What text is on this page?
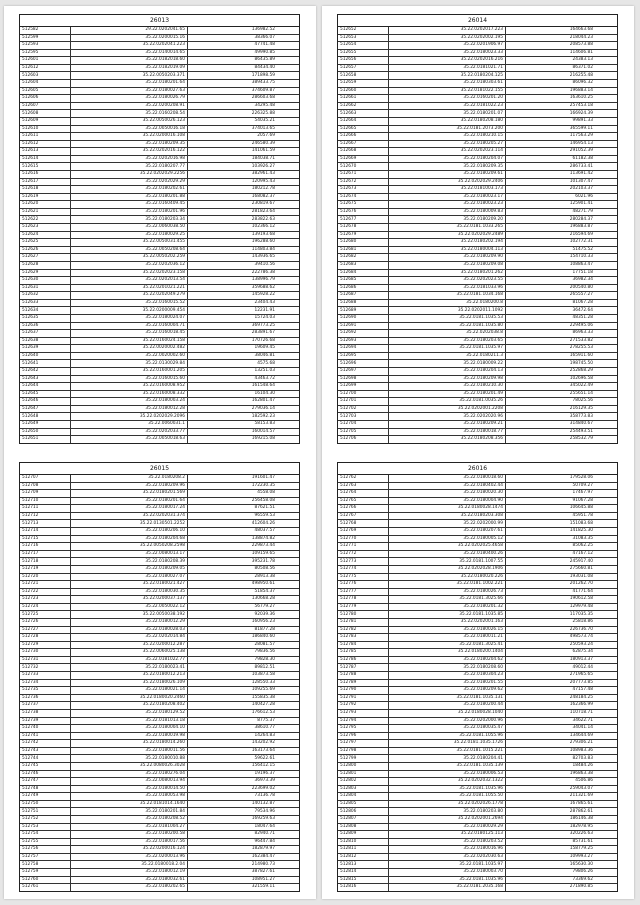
26013
512582	29.22.0202041.65	136982.52
512599	35.22.0200015.16	38366.07
512593	35.22.0202041.223	47741.48
512595	35.22.0140014.65	49990.85
512601	35.22.0182018.60	86435.89
512612	35.22.0182019.09	84434.40
512603	35.22.0050203.371	171898.59
512604	35.22.0180201.64	389433.75
512605	35.22.0180027.63	374609.87
512606	35.22.0180026.79	286603.68
512607	35.22.0200208.91	34295.48
512608	35.22.0160208.54	226325.88
512609	35.22.0050026.123	54035.21
512610	35.22.0050016.18	374013.65
512611	35.22.0200016.108	2057.69
512612	35.22.0180209.35	246580.39
512613	35.22.0202016.122	141061.59
512614	35.22.0202016.98	184038.71
512615	35.22.0180207.77	103926.27
512616	35.22.0202029.2256	382961.43
512617	35.22.0202029.29	120995.43
512618	35.22.0180202.61	180212.78
512619	35.22.0180201.88	168082.37
512620	35.22.0160409.45	230819.67
512621	35.22.0180201.96	281823.64
512622	35.22.0180203.34	283822.63
512623	35.22.0060038.50	102366.12
512624	35.22.0180029.25	139193.68
512625	35.22.0050031.455	196288.60
512626	35.22.0050208.64	114803.84
512627	35.22.0050202.259	143936.65
512628	35.22.0202036.12	39410.56
512629	35.22.0202023.158	222786.38
512630	35.22.0202013.54	138996.79
512631	35.22.0201021.221	359688.62
512632	35.22.0202049.279	145928.22
512633	35.22.0160015.52	23404.43
512634	35.22.0200009.454	12231.91
512635	35.22.0180024.07	15724.03
512636	35.22.0160004.71	369773.25
512637	35.22.0160018.45	283891.67
512638	35.22.0160024.158	170726.68
512639	35.22.0020002.482	19609.45
512640	35.22.0020002.60	38046.81
512641	35.22.0130029.84	4575.68
512642	35.22.0160001.205	13251.03
512643	35.22.0160015.60	43463.72
512644	35.22.0160008.952	161548.64
512645	35.22.0160008.332	16104.30
512646	35.22.0180003.24	162801.47
512647	35.22.0180012.28	279036.14
512648	35.22.0202029.2096	182592.23
512649	35.22.0060031.1	58153.83
512650	35.22.0202033.77	160014.57
512651	35.22.0050018.63	169215.08
26015
512707	35.22.0180208.2	191601.47
512708	35.22.0180209.96	172230.35
512709	35.22.0180201.569	4558.08
512710	35.22.0180201.64	256458.08
512711	35.22.0180017.24	87621.51
512712	35.22.0202031.374	96559.53
512713	35.22.0130501.2252	412604.26
512714	35.22.0180206.10	48037.57
512715	35.22.0180204.68	138874.82
512716	35.22.0050208.2598	229873.44
512717	35.22.0080013.17	109159.65
512718	35.22.0180208.39	395231.78
512719	35.22.0180209.05	80508.56
512720	35.22.0180027.07	28913.38
512721	35.22.0180021.427	498950.61
512722	35.22.0180030.35	51854.37
512723	35.22.0200037.137	130668.28
512724	35.22.0050022.12	56779.27
512725	35.22.0050038.192	92039.36
512726	35.22.0180012.29	160956.23
512727	35.22.0180028.03	81877.28
512728	35.22.0202014.84	186840.60
512729	35.22.0200012.287	28081.57
512730	35.22.0060025.138	79836.56
512731	35.22.0181022.77	79828.30
512732	35.22.0180023.41	89812.51
512733	35.22.0180012.213	103873.58
512734	35.22.0180026.109	128550.33
512735	35.22.0180021.14	109255.69
512736	35.22.0180020.2460	155835.38
512737	35.22.0180208.402	140427.28
512738	35.22.0180129.52	176612.53
512739	35.22.0181013.18	8775.37
512740	35.22.0180004.10	38610.77
512741	35.22.0180019.98	14264.83
512742	35.22.0180014.260	143202.92
512743	35.22.0180011.56	163173.64
512744	35.22.0180010.88	59622.61
512745	35.22.0080026.3028	156412.15
512746	35.22.0180276.04	19196.37
512747	35.22.0080013.94	36973.39
512748	35.22.0180014.50	223699.02
512749	35.22.0180053.98	73136.78
512750	35.22.0181014.1640	140132.87
512751	35.22.0180201.84	79534.96
512752	35.22.0180208.52	169259.63
512753	35.22.0181004.27	18047.64
512754	35.22.0180200.58	82940.71
512755	35.22.0180017.56	96447.84
512756	35.22.0200016.124	182879.97
512757	35.22.0200013.96	162384.47
512758	35.22.0180018.2.04	214980.73
512759	35.22.0180012.19	387827.61
512760	35.22.0180032.61	108951.27
512761	35.22.0180202.65	321559.11
26014
512652	35.22.0202017.223	164663.68
512653	35.22.0202002.195	218044.23
512654	35.22.0201906.97	208573.88
512655	35.22.0180023.33	114606.81
512656	35.22.0202016.216	24383.13
512657	35.22.0181021.71	86371.02
512658	35.22.0180204.125	216255.48
512659	35.22.0180303.61	86096.32
512660	35.22.0181022.155	196883.14
512661	35.22.0160201.20	163610.25
512662	35.22.0181022.23	257453.18
512663	35.22.0180201.07	166924.39
512664	35.22.0180208.180	99891.33
512665	35.22.0181.2073.200	365599.11
512666	35.22.0180210.15	117563.29
512667	35.22.0180205.27	146954.13
512668	35.22.0202023.114	291052.39
512669	35.22.0180204.07	61182.38
512670	35.22.0180209.35	286733.41
512671	35.22.0180209.61	113691.42
512672	35.22.0202029.2406	101307.47
512673	35.22.0181003.173	202103.37
512674	35.22.0180023.17	6021.96
512675	35.22.0180023.23	125901.41
512676	35.22.0180009.83	48271.79
512677	35.22.0180209.20	280284.37
512678	35.22.0181.1033.265	196883.87
512679	35.22.0202029.2489	216594.69
512680	35.22.0180202.194	102772.31
512681	35.22.0180004.113	51475.52
512682	35.22.0180209.90	154710.33
512683	35.22.0180209.08	108863.47
512684	35.22.0180201.262	17751.18
512685	35.22.0202023.55	36982.34
512686	35.22.0181033.96	200540.80
512687	35.22.0181.1034.168	265557.27
512688	35.22.0180200.8	81067.28
512689	35.22.0202011.1092	36472.64
512690	35.22.0181.1035.53	48351.28
512691	35.22.0181.1035.80	229495.06
512692	35.22.0202038.8	86963.33
512693	35.22.0180203.65	271533.82
512694	35.22.0181.1035.97	278255.53
512695	35.22.0180211.3	165911.60
512696	35.22.0180009.22	198745.50
512697	35.22.0180204.13	252868.29
512698	35.22.0180209.98	102696.58
512699	35.22.0180210.30	345022.49
512700	35.22.0180201.49	255651.14
512701	35.22.0181.0035.26	78025.56
512702	35.22.0202001.2208	216129.35
512703	35.22.0202020.96	358773.83
512704	35.22.0180209.21	314840.67
512705	35.22.0180018.77	254493.51
512706	35.22.0180208.356	258532.79
26016
512762	35.22.0180018.60	179528.06
512763	35.22.0180402.44	50709.27
512764	35.22.0180020.30	17467.97
512765	35.22.0180004.90	91067.28
512766	35.22.0180028.1474	106645.88
512767	35.22.0180203.308	45951.78
512768	35.22.0202000.99	151083.68
512769	35.22.0180207.61	141825.30
512770	35.22.0180005.12	31083.35
512771	35.22.0202025.4658	85062.25
512772	35.22.0180400.26	47167.12
512773	35.22.0181.1007.55	245917.40
512774	35.22.0202028.1906	275660.81
512775	35.22.0180020.226	193031.08
512776	35.22.0181.1002.221	201262.70
512777	35.22.0180026.73	41771.64
512778	35.22.0181.3025.66	190612.58
512779	35.22.0180201.32	129979.48
512780	35.22.0181.1035.85	117035.35
512781	35.22.0202001.163	25818.86
512782	35.22.0180026.15	226736.70
512783	35.22.0180011.21	498573.74
512784	35.22.0181.3025.41	250593.24
512785	35.22.0180200.1404	62875.34
512786	35.22.0180204.62	180913.37
512787	35.22.0180208.60	49012.44
512788	35.22.0180304.23	271965.65
512789	35.22.0180201.55	207773.85
512790	35.22.0180209.62	47157.48
512791	35.22.0181.1035.131	248184.25
512792	35.22.0180200.44	162366.99
512793	35.22.0180028.1040	110718.71
512794	35.22.0202000.96	34622.71
512795	35.22.0180035.47	34041.14
512796	35.22.0181.1055.96	134644.69
512797	35.22.0181.1035.1726	279306.21
512798	35.22.0181.1015.221	108983.36
512799	35.22.0180204.41	82703.83
512800	35.22.0181.1035.139	18484.26
512801	35.22.0180006.53	196863.38
512802	35.22.0202032.1322	4506.86
512803	35.22.0181.1035.96	259043.07
512804	35.22.0181.1055.50	211321.69
512805	35.22.0202026.1778	167865.61
512806	35.22.0180203.80	287862.61
512807	35.22.0202001.2694	186146.38
512808	35.22.0180029.29	182978.95
512809	35.22.0180125.113	320226.63
512810	35.22.0180203.52	85731.61
512811	35.22.0180016.96	158779.25
512812	35.22.0202030.63	109993.27
512813	35.22.0181.1035.97	165630.30
512814	35.22.0180003.70	79806.26
512815	35.22.0181.1035.96	73369.62
512816	35.22.0181.2035.168	271890.85
